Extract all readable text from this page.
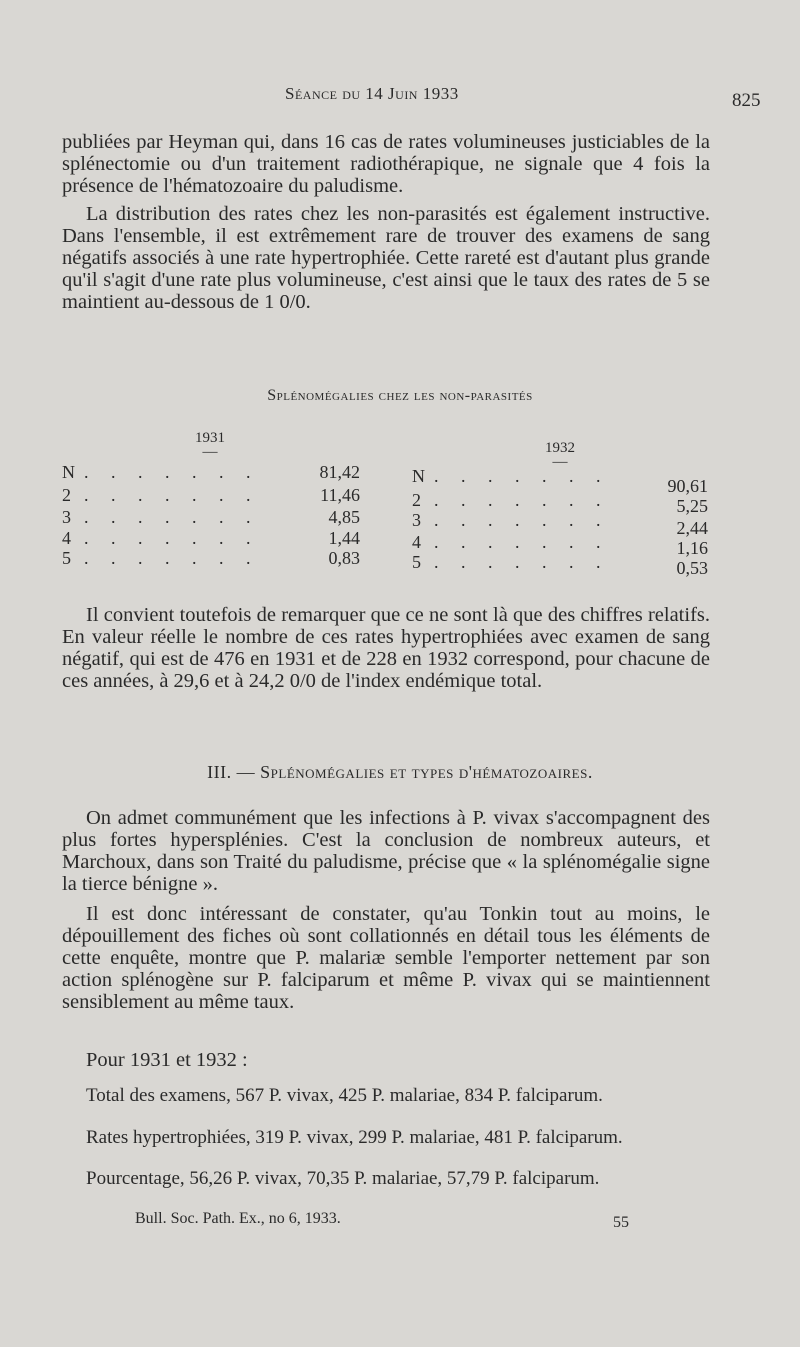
Séance du 14 Juin 1933	825
publiées par Heyman qui, dans 16 cas de rates volumineuses justiciables de la splénectomie ou d'un traitement radiothérapique, ne signale que 4 fois la présence de l'hématozoaire du paludisme.
La distribution des rates chez les non-parasités est également instructive. Dans l'ensemble, il est extrêmement rare de trouver des examens de sang négatifs associés à une rate hypertrophiée. Cette rareté est d'autant plus grande qu'il s'agit d'une rate plus volumineuse, c'est ainsi que le taux des rates de 5 se maintient au-dessous de 1 0/0.
Splénomégalies chez les non-parasités
1931
—	1932
—
N . . . . . . .	81,42
2 . . . . . . .	11,46
3 . . . . . . .	4,85
4 . . . . . . .	1,44
5 . . . . . . .	0,83
N . . . . . . .	90,61
2 . . . . . . .	5,25
3 . . . . . . .	2,44
4 . . . . . . .	1,16
5 . . . . . . .	0,53
Il convient toutefois de remarquer que ce ne sont là que des chiffres relatifs. En valeur réelle le nombre de ces rates hypertrophiées avec examen de sang négatif, qui est de 476 en 1931 et de 228 en 1932 correspond, pour chacune de ces années, à 29,6 et à 24,2 0/0 de l'index endémique total.
III. — Splénomégalies et types d'hématozoaires.
On admet communément que les infections à P. vivax s'accompagnent des plus fortes hypersplénies. C'est la conclusion de nombreux auteurs, et Marchoux, dans son Traité du paludisme, précise que « la splénomégalie signe la tierce bénigne ».
Il est donc intéressant de constater, qu'au Tonkin tout au moins, le dépouillement des fiches où sont collationnés en détail tous les éléments de cette enquête, montre que P. malariæ semble l'emporter nettement par son action splénogène sur P. falciparum et même P. vivax qui se maintiennent sensiblement au même taux.
Pour 1931 et 1932 :
Total des examens, 567 P. vivax, 425 P. malariae, 834 P. falciparum.
Rates hypertrophiées, 319 P. vivax, 299 P. malariae, 481 P. falciparum.
Pourcentage, 56,26 P. vivax, 70,35 P. malariae, 57,79 P. falciparum.
Bull. Soc. Path. Ex., no 6, 1933.	55
